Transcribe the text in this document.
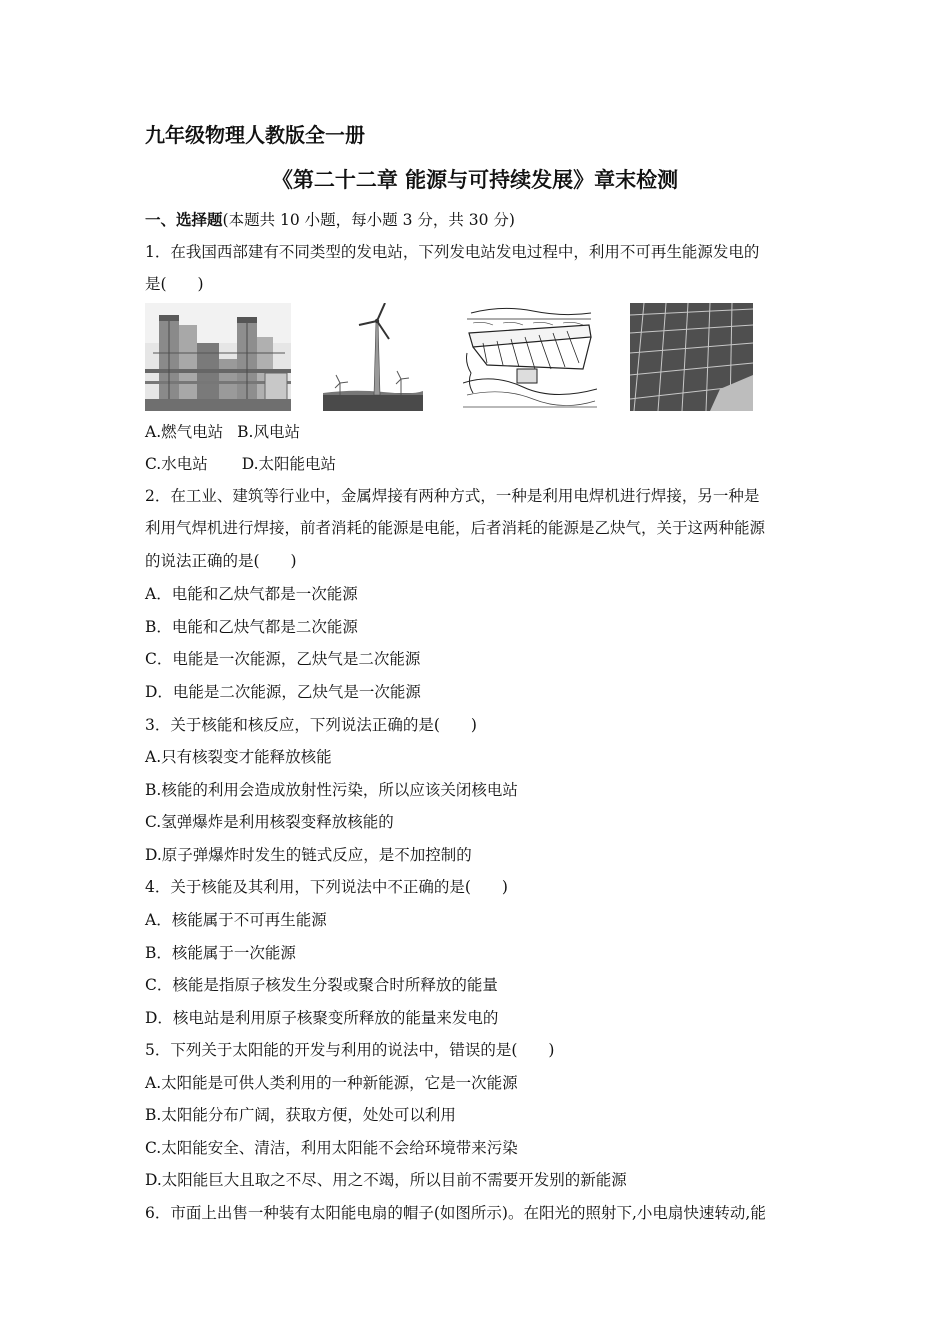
九年级物理人教版全一册
《第二十二章 能源与可持续发展》章末检测
一、选择题(本题共 10 小题，每小题 3 分，共 30 分)
1．在我国西部建有不同类型的发电站，下列发电站发电过程中，利用不可再生能源发电的
是(　　)
A.燃气电站 B.风电站
C.水电站 D.太阳能电站
2．在工业、建筑等行业中，金属焊接有两种方式，一种是利用电焊机进行焊接，另一种是
利用气焊机进行焊接，前者消耗的能源是电能，后者消耗的能源是乙炔气，关于这两种能源
的说法正确的是(　　)
A．电能和乙炔气都是一次能源
B．电能和乙炔气都是二次能源
C．电能是一次能源，乙炔气是二次能源
D．电能是二次能源，乙炔气是一次能源
3．关于核能和核反应，下列说法正确的是(　　)
A.只有核裂变才能释放核能
B.核能的利用会造成放射性污染，所以应该关闭核电站
C.氢弹爆炸是利用核裂变释放核能的
D.原子弹爆炸时发生的链式反应，是不加控制的
4．关于核能及其利用，下列说法中不正确的是(　　)
A．核能属于不可再生能源
B．核能属于一次能源
C．核能是指原子核发生分裂或聚合时所释放的能量
D．核电站是利用原子核聚变所释放的能量来发电的
5．下列关于太阳能的开发与利用的说法中，错误的是(　　)
A.太阳能是可供人类利用的一种新能源，它是一次能源
B.太阳能分布广阔，获取方便，处处可以利用
C.太阳能安全、清洁，利用太阳能不会给环境带来污染
D.太阳能巨大且取之不尽、用之不竭，所以目前不需要开发别的新能源
6．市面上出售一种装有太阳能电扇的帽子(如图所示)。在阳光的照射下,小电扇快速转动,能
